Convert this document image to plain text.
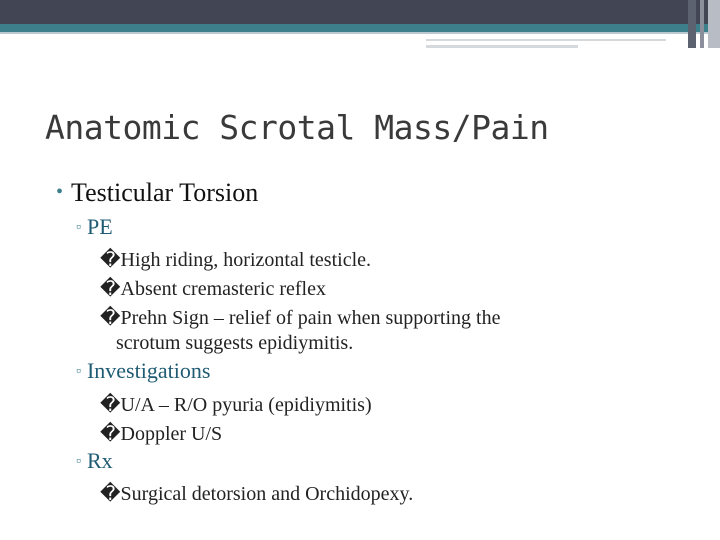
Anatomic Scrotal Mass/Pain
• Testicular Torsion
▫ PE
�High riding, horizontal testicle.
�Absent cremasteric reflex
�Prehn Sign – relief of pain when supporting the
scrotum suggests epidiymitis.
▫ Investigations
�U/A – R/O pyuria (epidiymitis)
�Doppler U/S
▫ Rx
�Surgical detorsion and Orchidopexy.
